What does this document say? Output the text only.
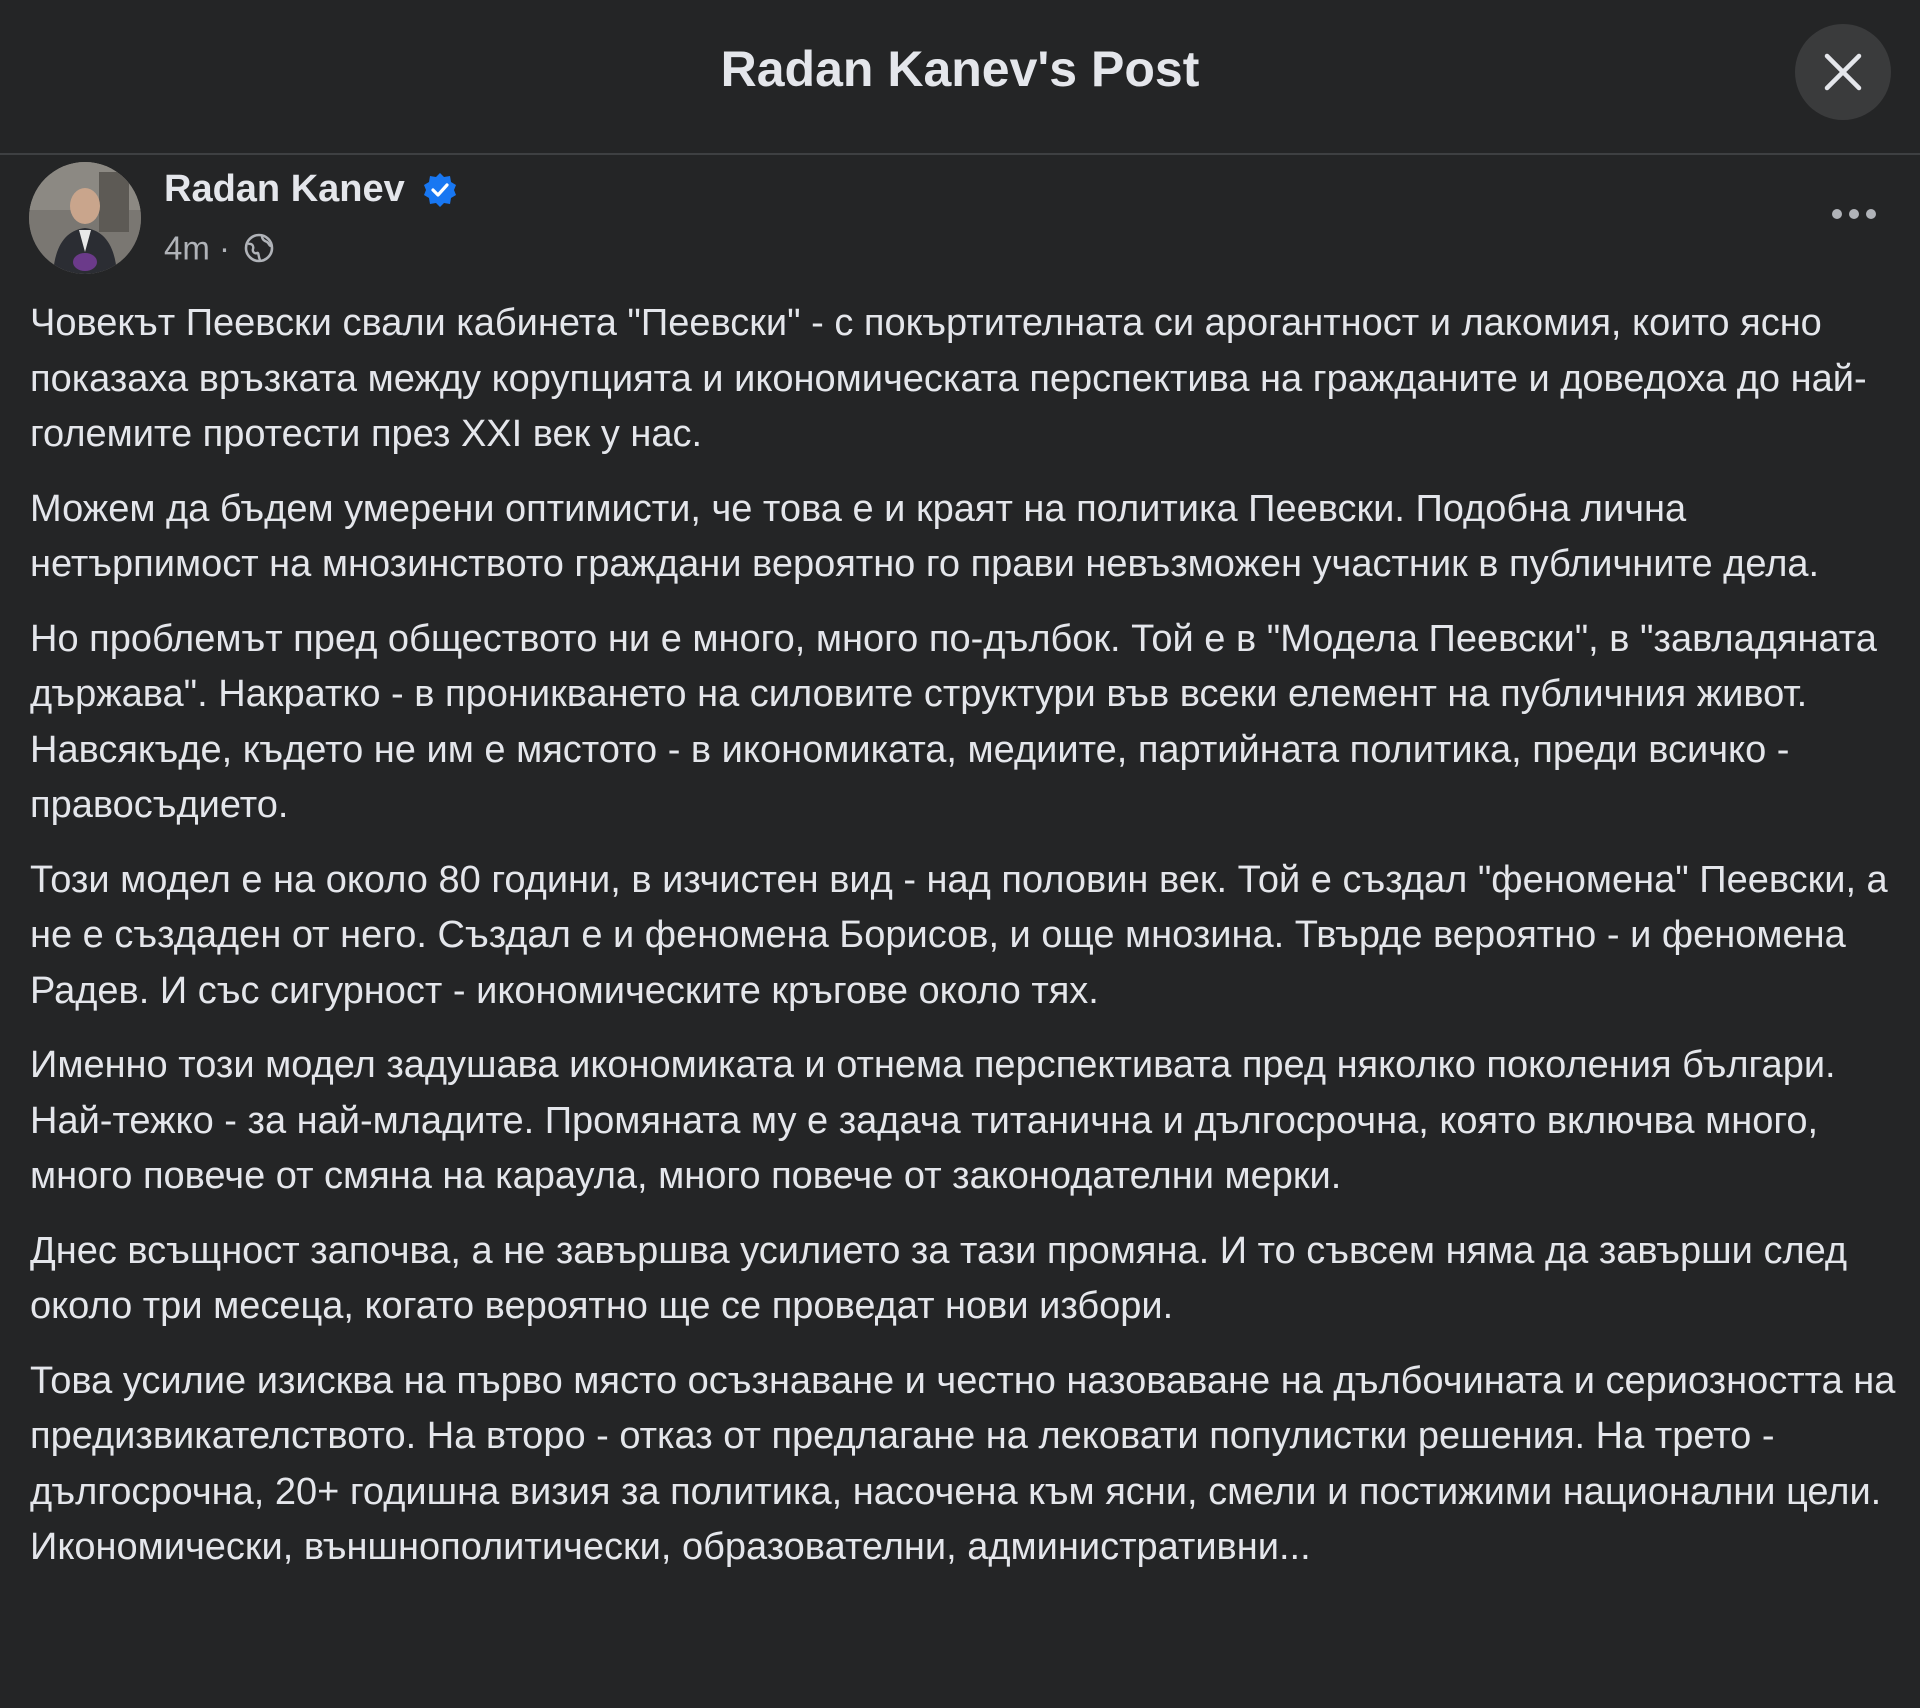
Radan Kanev's Post
Radan Kanev
4m ·

Човекът Пеевски свали кабинета "Пеевски" - с покъртителната си арогантност и лакомия, които ясно показаха връзката между корупцията и икономическата перспектива на гражданите и доведоха до най-големите протести през XXI век у нас.

Можем да бъдем умерени оптимисти, че това е и краят на политика Пеевски. Подобна лична нетърпимост на мнозинството граждани вероятно го прави невъзможен участник в публичните дела.

Но проблемът пред обществото ни е много, много по-дълбок. Той е в "Модела Пеевски", в "завладяната държава". Накратко - в проникването на силовите структури във всеки елемент на публичния живот. Навсякъде, където не им е мястото - в икономиката, медиите, партийната политика, преди всичко - правосъдието.

Този модел е на около 80 години, в изчистен вид - над половин век. Той е създал "феномена" Пеевски, а не е създаден от него. Създал е и феномена Борисов, и още мнозина. Твърде вероятно - и феномена Радев. И със сигурност - икономическите кръгове около тях.

Именно този модел задушава икономиката и отнема перспективата пред няколко поколения българи. Най-тежко - за най-младите. Промяната му е задача титанична и дългосрочна, която включва много, много повече от смяна на караула, много повече от законодателни мерки.

Днес всъщност започва, а не завършва усилието за тази промяна. И то съвсем няма да завърши след около три месеца, когато вероятно ще се проведат нови избори.

Това усилие изисква на първо място осъзнаване и честно назоваване на дълбочината и сериозността на предизвикателството. На второ - отказ от предлагане на лековати популистки решения. На трето - дългосрочна, 20+ годишна визия за политика, насочена към ясни, смели и постижими национални цели. Икономически, външнополитически, образователни, административни...
